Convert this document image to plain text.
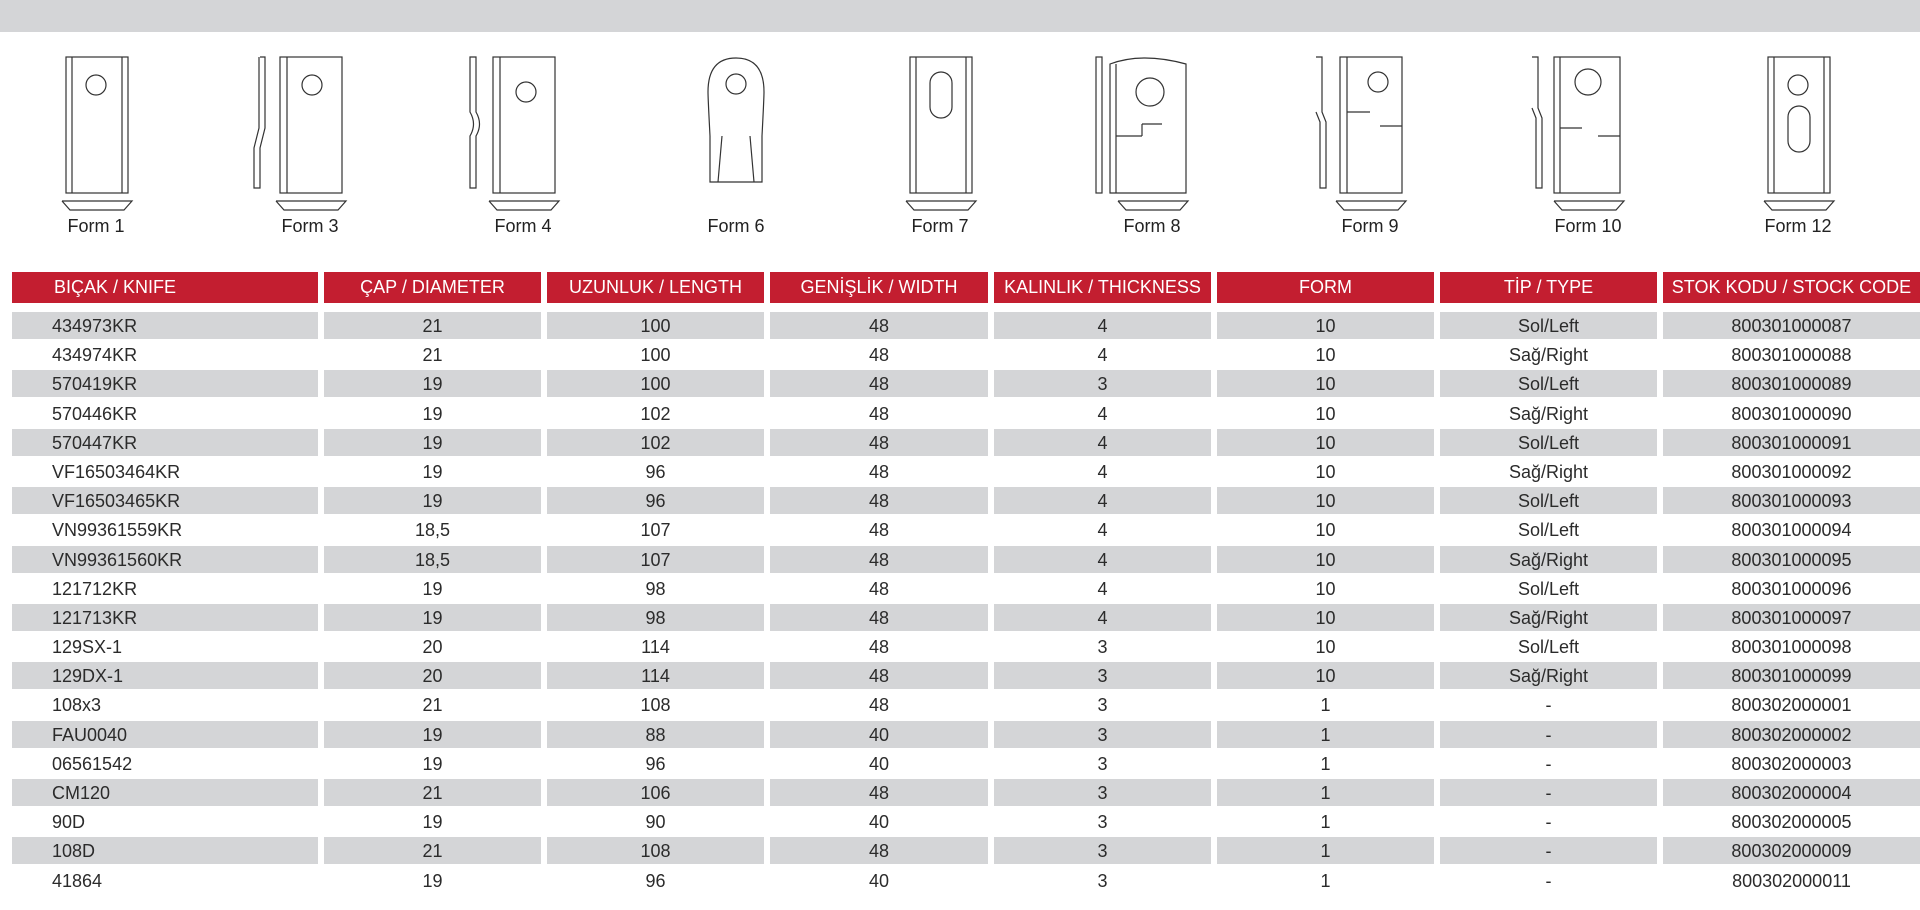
Form 1	Form 3	Form 4	Form 6	Form 7	Form 8	Form 9	Form 10	Form 12
BIÇAK / KNIFE	ÇAP / DIAMETER	UZUNLUK / LENGTH	GENİŞLİK / WIDTH	KALINLIK / THICKNESS	FORM	TİP / TYPE	STOK KODU / STOCK CODE
434973KR	21	100	48	4	10	Sol/Left	800301000087
434974KR	21	100	48	4	10	Sağ/Right	800301000088
570419KR	19	100	48	3	10	Sol/Left	800301000089
570446KR	19	102	48	4	10	Sağ/Right	800301000090
570447KR	19	102	48	4	10	Sol/Left	800301000091
VF16503464KR	19	96	48	4	10	Sağ/Right	800301000092
VF16503465KR	19	96	48	4	10	Sol/Left	800301000093
VN99361559KR	18,5	107	48	4	10	Sol/Left	800301000094
VN99361560KR	18,5	107	48	4	10	Sağ/Right	800301000095
121712KR	19	98	48	4	10	Sol/Left	800301000096
121713KR	19	98	48	4	10	Sağ/Right	800301000097
129SX-1	20	114	48	3	10	Sol/Left	800301000098
129DX-1	20	114	48	3	10	Sağ/Right	800301000099
108x3	21	108	48	3	1	-	800302000001
FAU0040	19	88	40	3	1	-	800302000002
06561542	19	96	40	3	1	-	800302000003
CM120	21	106	48	3	1	-	800302000004
90D	19	90	40	3	1	-	800302000005
108D	21	108	48	3	1	-	800302000009
41864	19	96	40	3	1	-	800302000011
